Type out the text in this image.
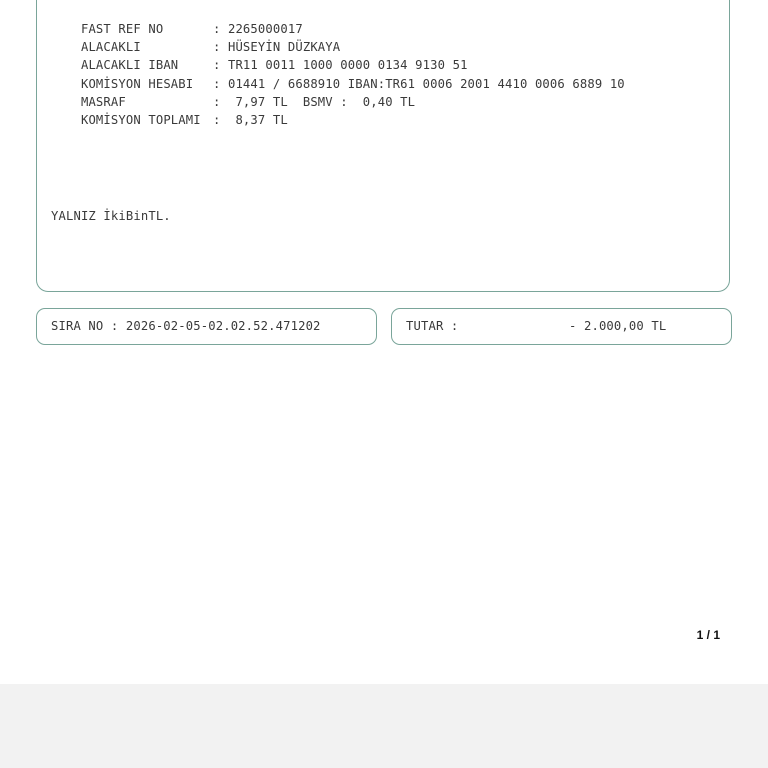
FAST REF NO	: 2265000017

ALACAKLI	: HÜSEYİN DÜZKAYA

ALACAKLI IBAN	: TR11 0011 1000 0000 0134 9130 51

KOMİSYON HESABI : 01441 / 6688910 IBAN:TR61 0006 2001 4410 0006 6889 10

MASRAF	: 7,97 TL  BSMV :  0,40 TL

KOMİSYON TOPLAMI : 8,37 TL

YALNIZ İkiBinTL.
SIRA NO : 2026-02-05-02.02.52.471202	TUTAR :	- 2.000,00 TL
1 / 1
